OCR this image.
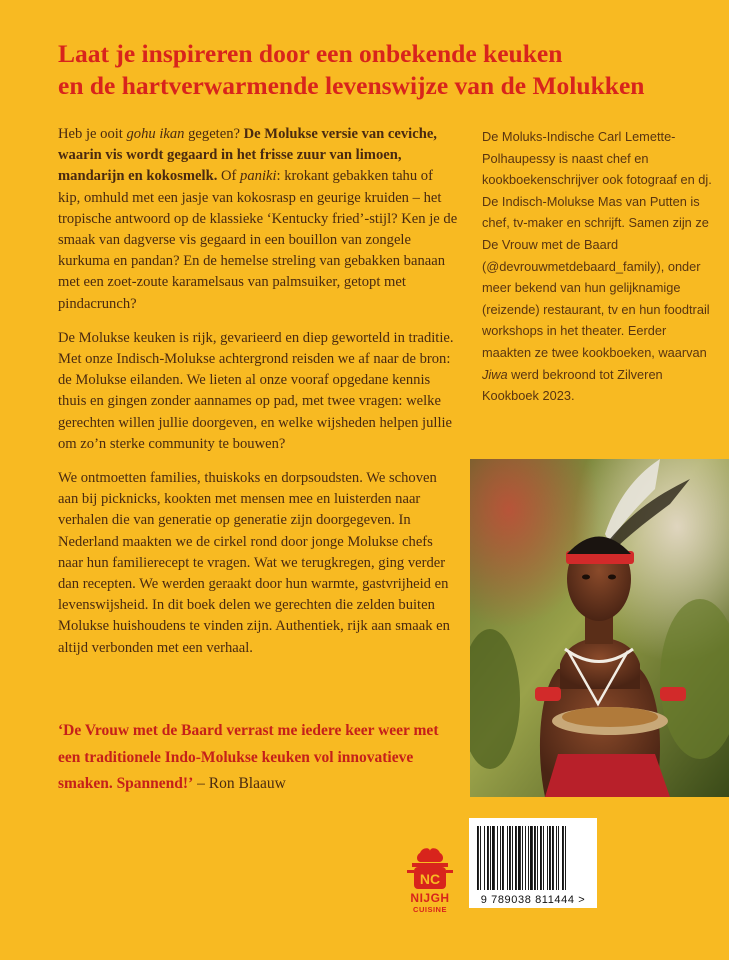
Laat je inspireren door een onbekende keuken
en de hartverwarmende levenswijze van de Molukken

Heb je ooit gohu ikan gegeten? De Molukse versie van ceviche, waarin vis wordt gegaard in het frisse zuur van limoen, mandarijn en kokosmelk. Of paniki: krokant gebakken tahu of kip, omhuld met een jasje van kokosrasp en geurige kruiden – het tropische antwoord op de klassieke ‘Kentucky fried’-stijl? Ken je de smaak van dagverse vis gegaard in een bouillon van zongele kurkuma en pandan? En de hemelse streling van gebakken banaan met een zoet-zoute karamelsaus van palmsuiker, getopt met pindacrunch?

De Molukse keuken is rijk, gevarieerd en diep geworteld in traditie. Met onze Indisch-Molukse achtergrond reisden we af naar de bron: de Molukse eilanden. We lieten al onze vooraf opgedane kennis thuis en gingen zonder aannames op pad, met twee vragen: welke gerechten willen jullie doorgeven, en welke wijsheden helpen jullie om zo’n sterke community te bouwen?

We ontmoetten families, thuiskoks en dorpsoudsten. We schoven aan bij picknicks, kookten met mensen mee en luisterden naar verhalen die van generatie op generatie zijn doorgegeven. In Nederland maakten we de cirkel rond door jonge Molukse chefs naar hun familierecept te vragen. Wat we terugkregen, ging verder dan recepten. We werden geraakt door hun warmte, gastvrijheid en levenswijsheid. In dit boek delen we gerechten die zelden buiten Molukse huishoudens te vinden zijn. Authentiek, rijk aan smaak en altijd verbonden met een verhaal.

‘De Vrouw met de Baard verrast me iedere keer weer met een traditionele Indo-Molukse keuken vol innovatieve smaken. Spannend!’ – Ron Blaauw
De Moluks-Indische Carl Lemette-Polhaupessy is naast chef en kookboekenschrijver ook fotograaf en dj. De Indisch-Molukse Mas van Putten is chef, tv-maker en schrijft. Samen zijn ze De Vrouw met de Baard (@devrouwmetdebaard_family), onder meer bekend van hun gelijknamige (reizende) restaurant, tv en hun foodtrail workshops in het theater. Eerder maakten ze twee kookboeken, waarvan Jiwa werd bekroond tot Zilveren Kookboek 2023.
9 789038 811444 >
NC
NIJGH
CUISINE
